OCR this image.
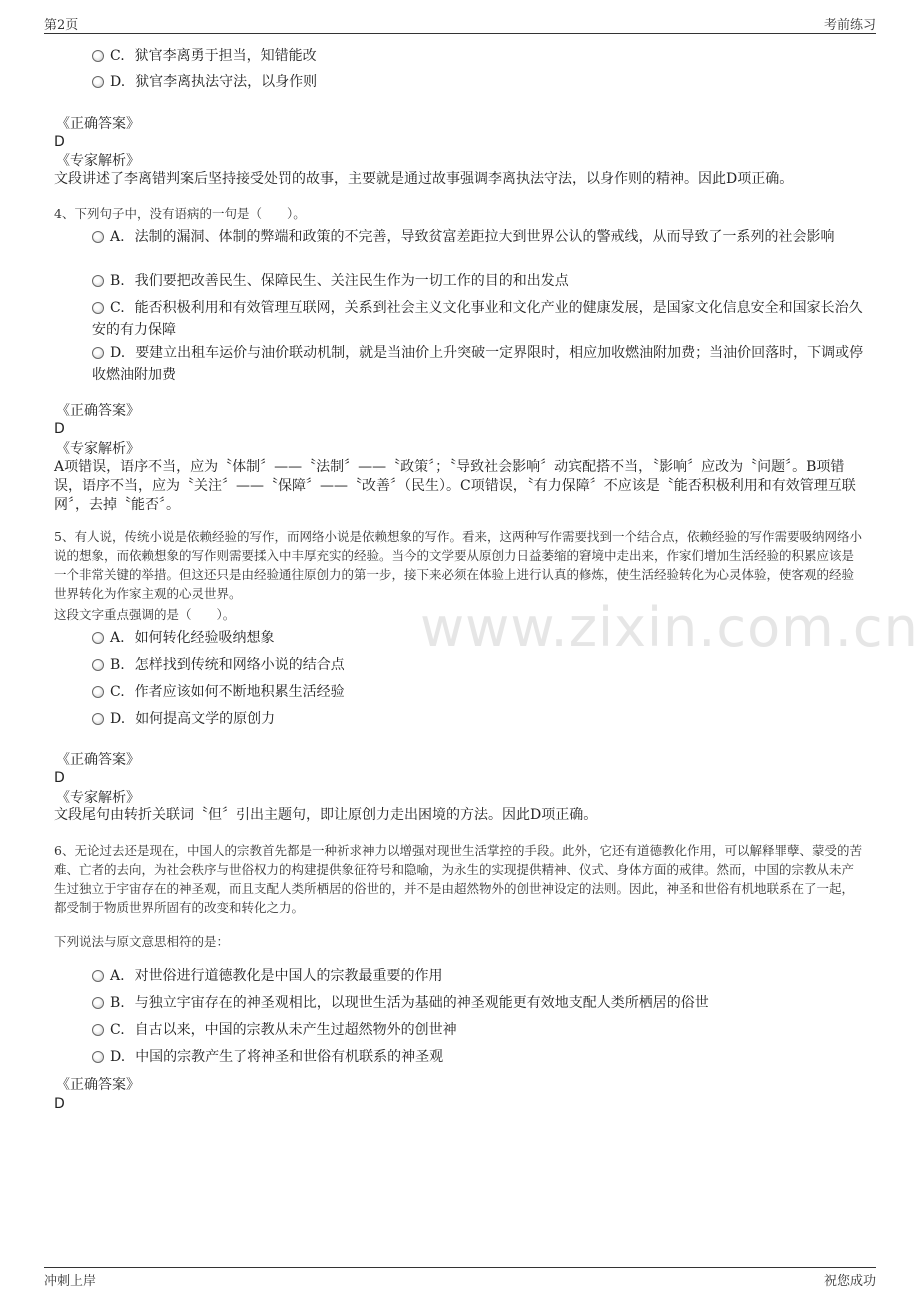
第2页	考前练习
www.zixin.com.cn
C. 狱官李离勇于担当，知错能改
D. 狱官李离执法守法，以身作则
《正确答案》
D
《专家解析》
文段讲述了李离错判案后坚持接受处罚的故事，主要就是通过故事强调李离执法守法，以身作则的精神。因此D项正确。
4、下列句子中，没有语病的一句是（　　）。
A. 法制的漏洞、体制的弊端和政策的不完善，导致贫富差距拉大到世界公认的警戒线，从而导致了一系列的社会影响
B. 我们要把改善民生、保障民生、关注民生作为一切工作的目的和出发点
C. 能否积极利用和有效管理互联网，关系到社会主义文化事业和文化产业的健康发展，是国家文化信息安全和国家长治久安的有力保障
D. 要建立出租车运价与油价联动机制，就是当油价上升突破一定界限时，相应加收燃油附加费；当油价回落时，下调或停收燃油附加费
《正确答案》
D
《专家解析》
A项错误，语序不当，应为〝体制〞——〝法制〞——〝政策〞；〝导致社会影响〞动宾配搭不当，〝影响〞应改为〝问题〞。B项错误，语序不当，应为〝关注〞——〝保障〞——〝改善〞（民生）。C项错误，〝有力保障〞不应该是〝能否积极利用和有效管理互联网〞，去掉〝能否〞。
5、有人说，传统小说是依赖经验的写作，而网络小说是依赖想象的写作。看来，这两种写作需要找到一个结合点，依赖经验的写作需要吸纳网络小说的想象，而依赖想象的写作则需要揉入中丰厚充实的经验。当今的文学要从原创力日益萎缩的窘境中走出来，作家们增加生活经验的积累应该是一个非常关键的举措。但这还只是由经验通往原创力的第一步，接下来必须在体验上进行认真的修炼，使生活经验转化为心灵体验，使客观的经验世界转化为作家主观的心灵世界。
这段文字重点强调的是（　　）。
A. 如何转化经验吸纳想象
B. 怎样找到传统和网络小说的结合点
C. 作者应该如何不断地积累生活经验
D. 如何提高文学的原创力
《正确答案》
D
《专家解析》
文段尾句由转折关联词〝但〞引出主题句，即让原创力走出困境的方法。因此D项正确。
6、无论过去还是现在，中国人的宗教首先都是一种祈求神力以增强对现世生活掌控的手段。此外，它还有道德教化作用，可以解释罪孽、蒙受的苦难、亡者的去向，为社会秩序与世俗权力的构建提供象征符号和隐喻，为永生的实现提供精神、仪式、身体方面的戒律。然而，中国的宗教从未产生过独立于宇宙存在的神圣观，而且支配人类所栖居的俗世的，并不是由超然物外的创世神设定的法则。因此，神圣和世俗有机地联系在了一起，都受制于物质世界所固有的改变和转化之力。
下列说法与原文意思相符的是：
A. 对世俗进行道德教化是中国人的宗教最重要的作用
B. 与独立宇宙存在的神圣观相比，以现世生活为基础的神圣观能更有效地支配人类所栖居的俗世
C. 自古以来，中国的宗教从未产生过超然物外的创世神
D. 中国的宗教产生了将神圣和世俗有机联系的神圣观
《正确答案》
D
冲刺上岸	祝您成功
